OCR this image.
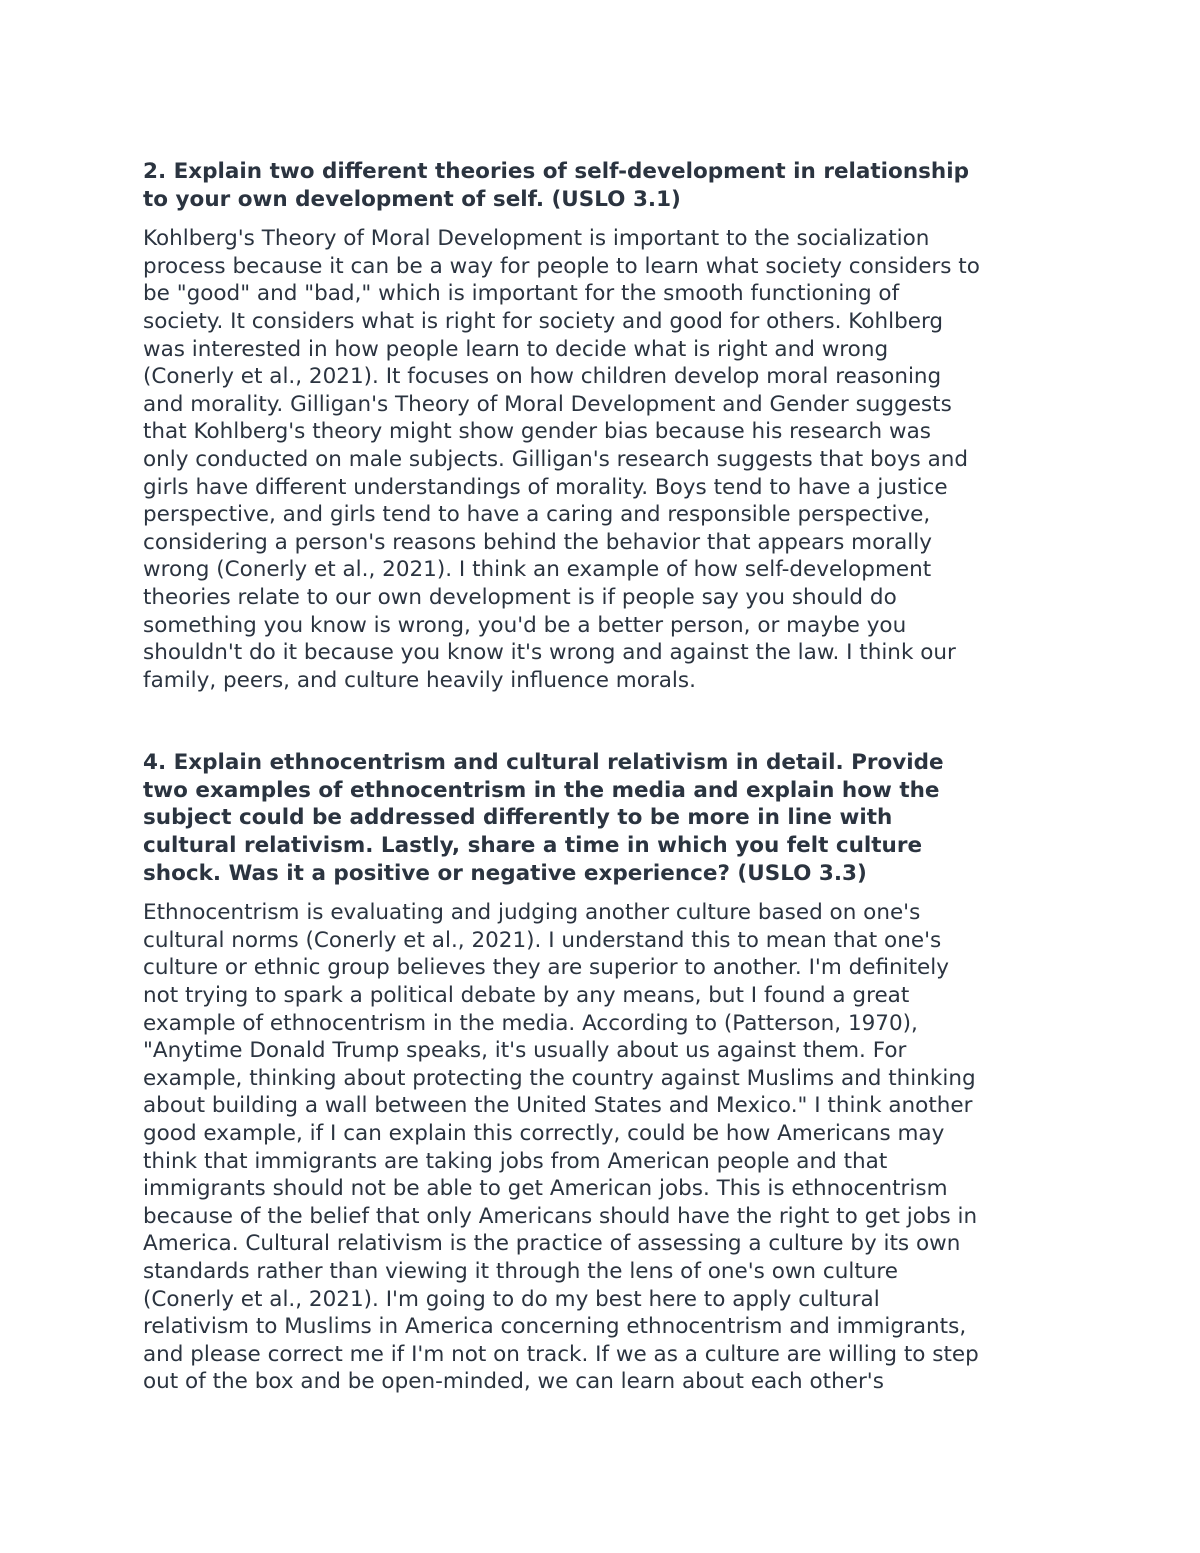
2. Explain two different theories of self-development in relationship
to your own development of self. (USLO 3.1)

Kohlberg's Theory of Moral Development is important to the socialization
process because it can be a way for people to learn what society considers to
be "good" and "bad," which is important for the smooth functioning of
society. It considers what is right for society and good for others. Kohlberg
was interested in how people learn to decide what is right and wrong
(Conerly et al., 2021). It focuses on how children develop moral reasoning
and morality. Gilligan's Theory of Moral Development and Gender suggests
that Kohlberg's theory might show gender bias because his research was
only conducted on male subjects. Gilligan's research suggests that boys and
girls have different understandings of morality. Boys tend to have a justice
perspective, and girls tend to have a caring and responsible perspective,
considering a person's reasons behind the behavior that appears morally
wrong (Conerly et al., 2021). I think an example of how self-development
theories relate to our own development is if people say you should do
something you know is wrong, you'd be a better person, or maybe you
shouldn't do it because you know it's wrong and against the law. I think our
family, peers, and culture heavily influence morals.

4. Explain ethnocentrism and cultural relativism in detail. Provide
two examples of ethnocentrism in the media and explain how the
subject could be addressed differently to be more in line with
cultural relativism. Lastly, share a time in which you felt culture
shock. Was it a positive or negative experience? (USLO 3.3)

Ethnocentrism is evaluating and judging another culture based on one's
cultural norms (Conerly et al., 2021). I understand this to mean that one's
culture or ethnic group believes they are superior to another. I'm definitely
not trying to spark a political debate by any means, but I found a great
example of ethnocentrism in the media. According to (Patterson, 1970),
"Anytime Donald Trump speaks, it's usually about us against them. For
example, thinking about protecting the country against Muslims and thinking
about building a wall between the United States and Mexico." I think another
good example, if I can explain this correctly, could be how Americans may
think that immigrants are taking jobs from American people and that
immigrants should not be able to get American jobs. This is ethnocentrism
because of the belief that only Americans should have the right to get jobs in
America. Cultural relativism is the practice of assessing a culture by its own
standards rather than viewing it through the lens of one's own culture
(Conerly et al., 2021). I'm going to do my best here to apply cultural
relativism to Muslims in America concerning ethnocentrism and immigrants,
and please correct me if I'm not on track. If we as a culture are willing to step
out of the box and be open-minded, we can learn about each other's
